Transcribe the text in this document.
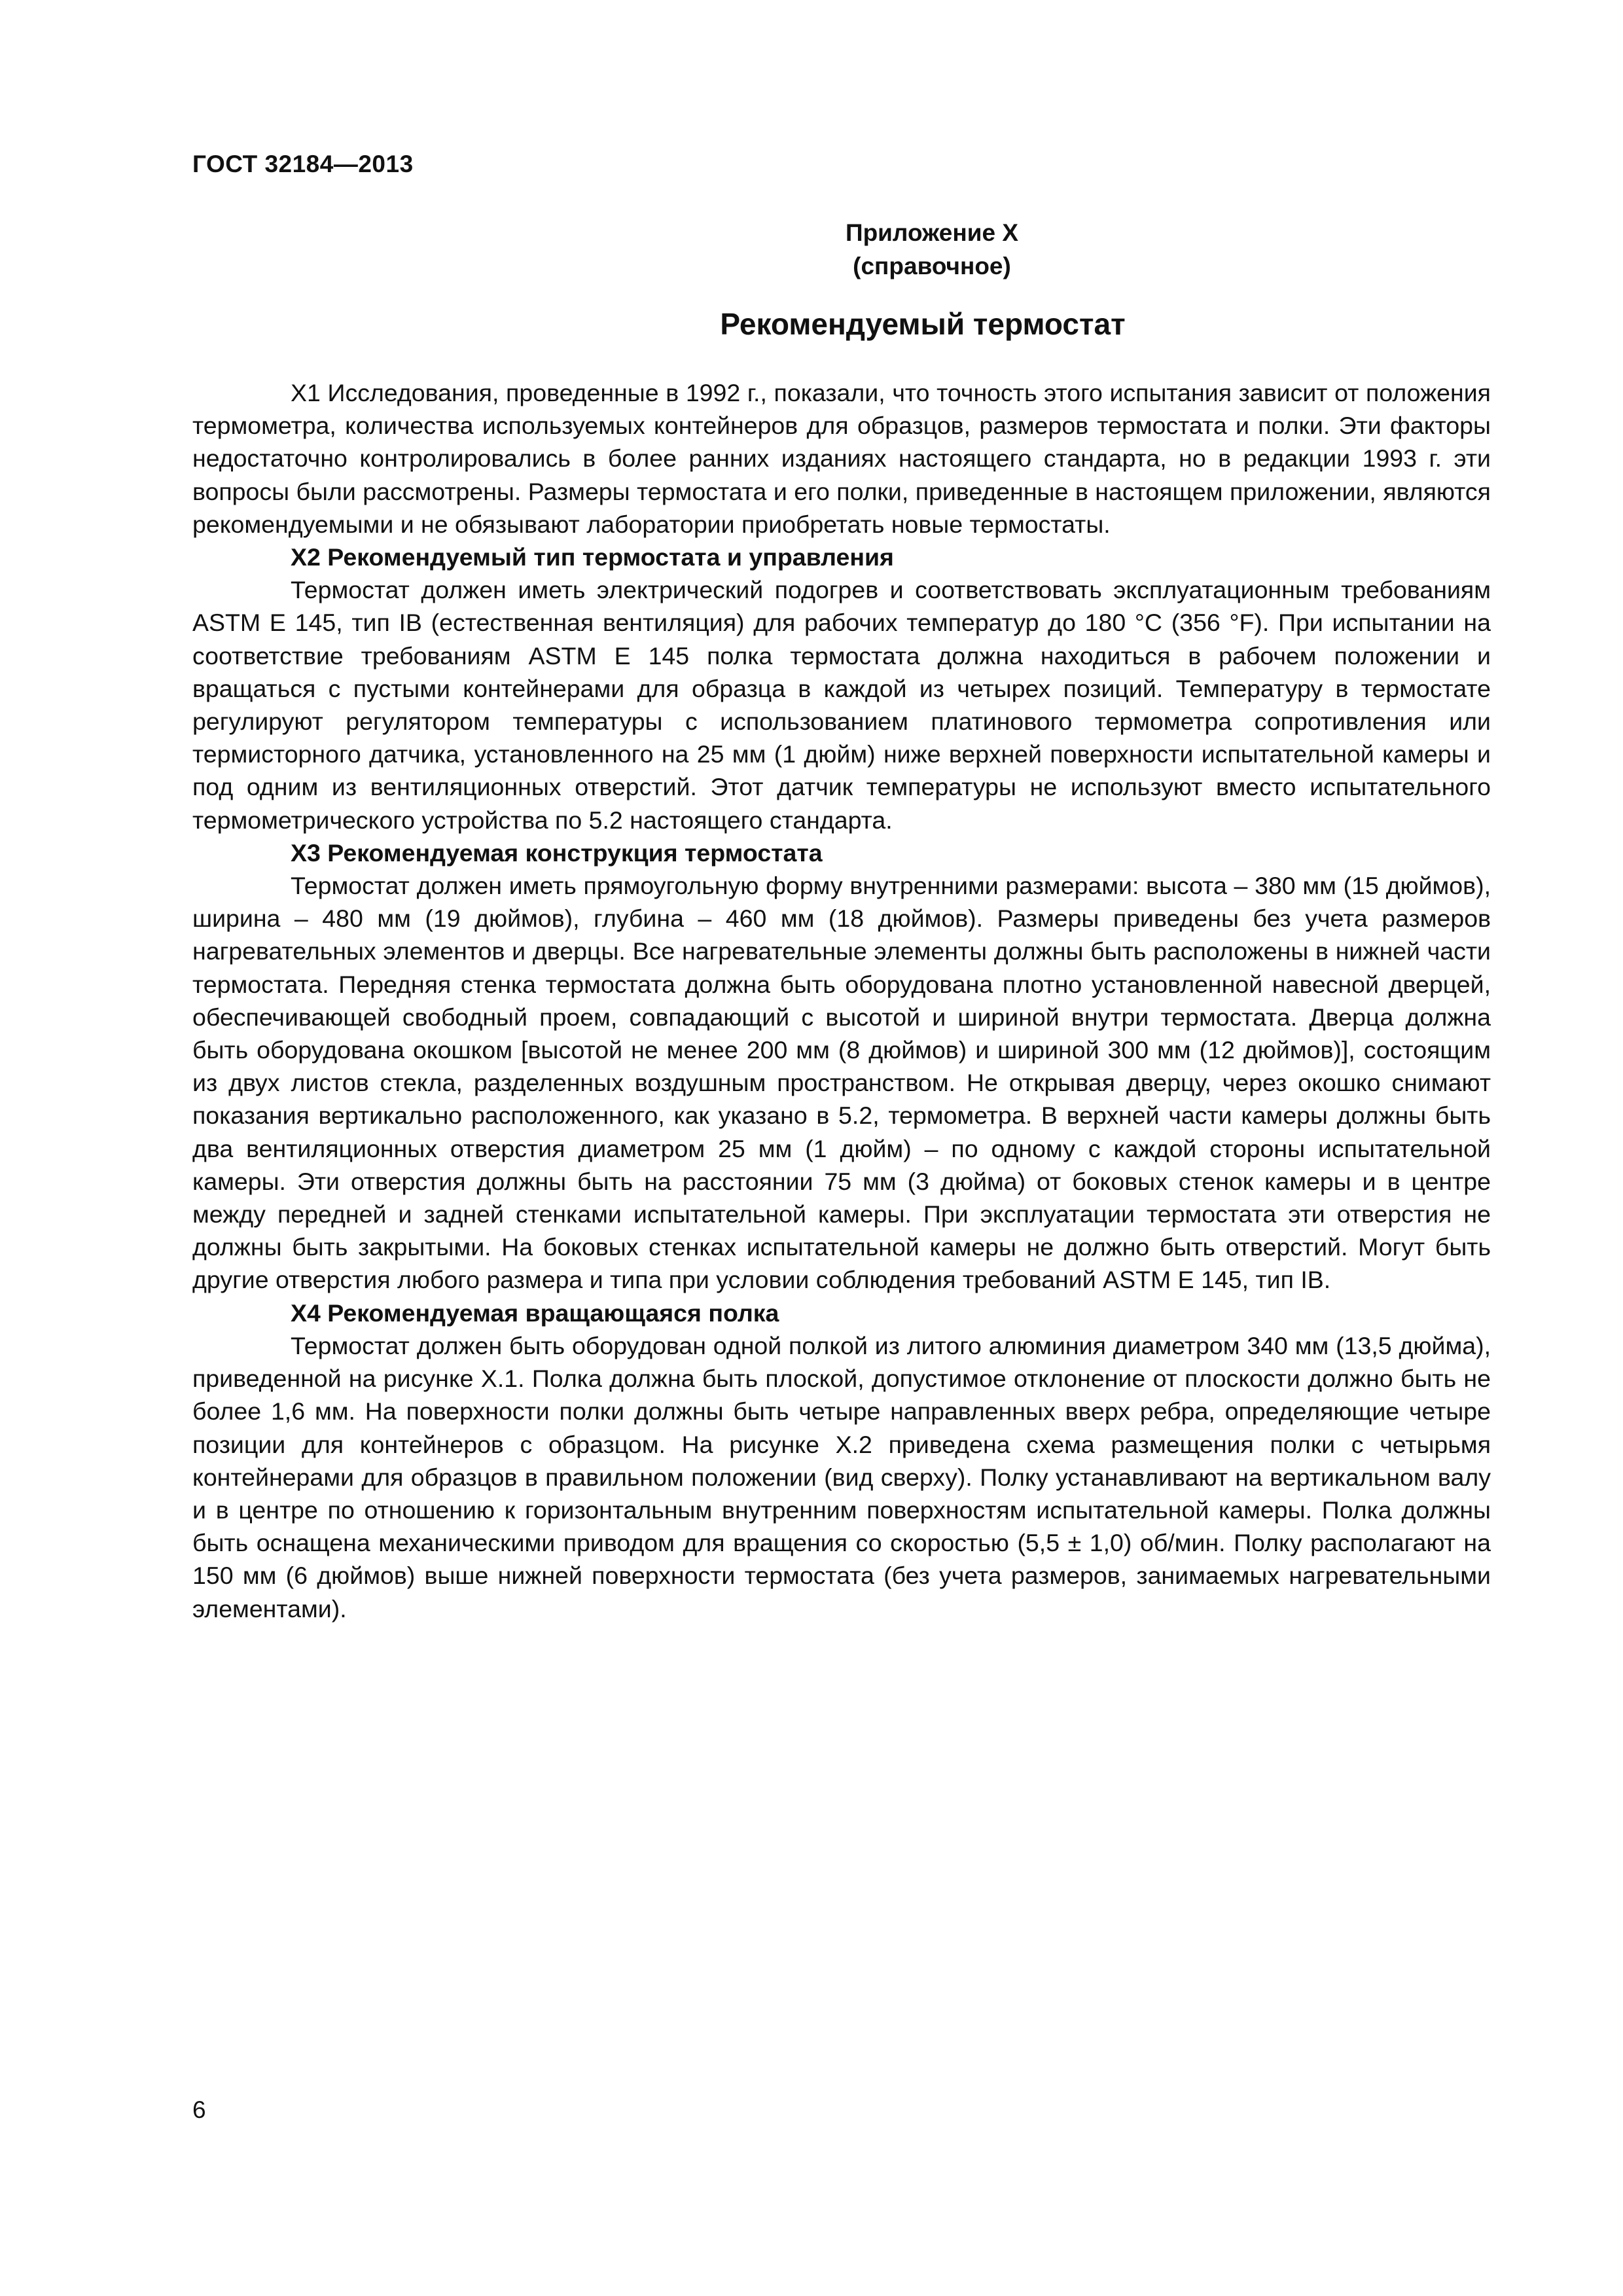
ГОСТ 32184—2013
Приложение X
(справочное)
Рекомендуемый термостат

X1 Исследования, проведенные в 1992 г., показали, что точность этого испытания зависит от положения термометра, количества используемых контейнеров для образцов, размеров термостата и полки. Эти факторы недостаточно контролировались в более ранних изданиях настоящего стандарта, но в редакции 1993 г. эти вопросы были рассмотрены. Размеры термостата и его полки, приведенные в настоящем приложении, являются рекомендуемыми и не обязывают лаборатории приобретать новые термостаты.

X2 Рекомендуемый тип термостата и управления

Термостат должен иметь электрический подогрев и соответствовать эксплуатационным требованиям ASTM E 145, тип IB (естественная вентиляция) для рабочих температур до 180 °С (356 °F). При испытании на соответствие требованиям ASTM E 145 полка термостата должна находиться в рабочем положении и вращаться с пустыми контейнерами для образца в каждой из четырех позиций. Температуру в термостате регулируют регулятором температуры с использованием платинового термометра сопротивления или термисторного датчика, установленного на 25 мм (1 дюйм) ниже верхней поверхности испытательной камеры и под одним из вентиляционных отверстий. Этот датчик температуры не используют вместо испытательного термометрического устройства по 5.2 настоящего стандарта.

X3 Рекомендуемая конструкция термостата

Термостат должен иметь прямоугольную форму внутренними размерами: высота – 380 мм (15 дюймов), ширина – 480 мм (19 дюймов), глубина – 460 мм (18 дюймов). Размеры приведены без учета размеров нагревательных элементов и дверцы. Все нагревательные элементы должны быть расположены в нижней части термостата. Передняя стенка термостата должна быть оборудована плотно установленной навесной дверцей, обеспечивающей свободный проем, совпадающий с высотой и шириной внутри термостата. Дверца должна быть оборудована окошком [высотой не менее 200 мм (8 дюймов) и шириной 300 мм (12 дюймов)], состоящим из двух листов стекла, разделенных воздушным пространством. Не открывая дверцу, через окошко снимают показания вертикально расположенного, как указано в 5.2, термометра. В верхней части камеры должны быть два вентиляционных отверстия диаметром 25 мм (1 дюйм) – по одному с каждой стороны испытательной камеры. Эти отверстия должны быть на расстоянии 75 мм (3 дюйма) от боковых стенок камеры и в центре между передней и задней стенками испытательной камеры. При эксплуатации термостата эти отверстия не должны быть закрытыми. На боковых стенках испытательной камеры не должно быть отверстий. Могут быть другие отверстия любого размера и типа при условии соблюдения требований ASTM E 145, тип IB.

X4 Рекомендуемая вращающаяся полка

Термостат должен быть оборудован одной полкой из литого алюминия диаметром 340 мм (13,5 дюйма), приведенной на рисунке X.1. Полка должна быть плоской, допустимое отклонение от плоскости должно быть не более 1,6 мм. На поверхности полки должны быть четыре направленных вверх ребра, определяющие четыре позиции для контейнеров с образцом. На рисунке X.2 приведена схема размещения полки с четырьмя контейнерами для образцов в правильном положении (вид сверху). Полку устанавливают на вертикальном валу и в центре по отношению к горизонтальным внутренним поверхностям испытательной камеры. Полка должны быть оснащена механическими приводом для вращения со скоростью (5,5 ± 1,0) об/мин. Полку располагают на 150 мм (6 дюймов) выше нижней поверхности термостата (без учета размеров, занимаемых нагревательными элементами).

6
